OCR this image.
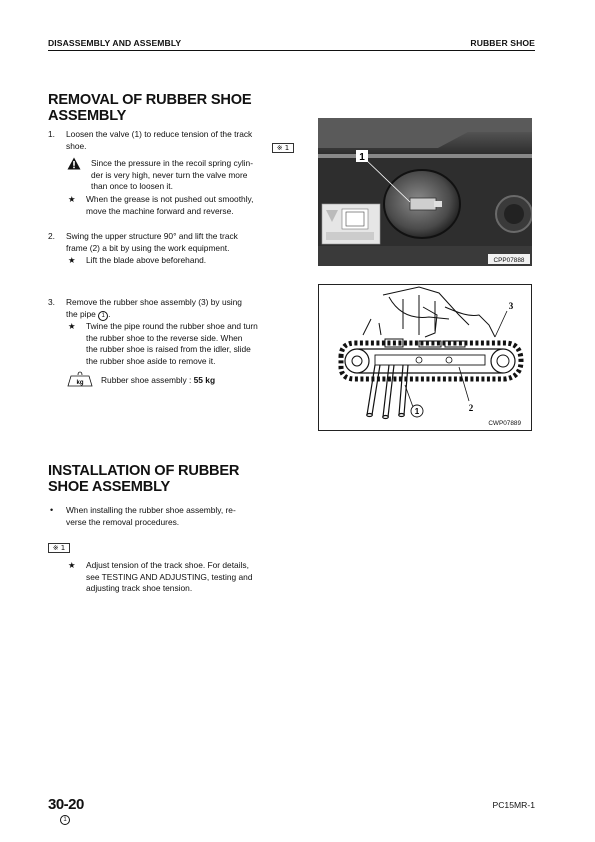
DISASSEMBLY AND ASSEMBLY	RUBBER SHOE
REMOVAL OF RUBBER SHOE
ASSEMBLY
1. Loosen the valve (1) to reduce tension of the track
shoe.	※ 1
Since the pressure in the recoil spring cylin-
der is very high, never turn the valve more
than once to loosen it.
★ When the grease is not pushed out smoothly,
move the machine forward and reverse.
2. Swing the upper structure 90° and lift the track
frame (2) a bit by using the work equipment.
★ Lift the blade above beforehand.
3. Remove the rubber shoe assembly (3) by using
the pipe 1 .
★ Twine the pipe round the rubber shoe and turn
the rubber shoe to the reverse side. When
the rubber shoe is raised from the idler, slide
the rubber shoe aside to remove it.
kg Rubber shoe assembly : 55 kg
1
CPP07888
1	2
3
CWP07889
INSTALLATION OF RUBBER
SHOE ASSEMBLY
• When installing the rubber shoe assembly, re-
verse the removal procedures.
※ 1
★ Adjust tension of the track shoe. For details,
see TESTING AND ADJUSTING, testing and
adjusting track shoe tension.
30-20
1
PC15MR-1
